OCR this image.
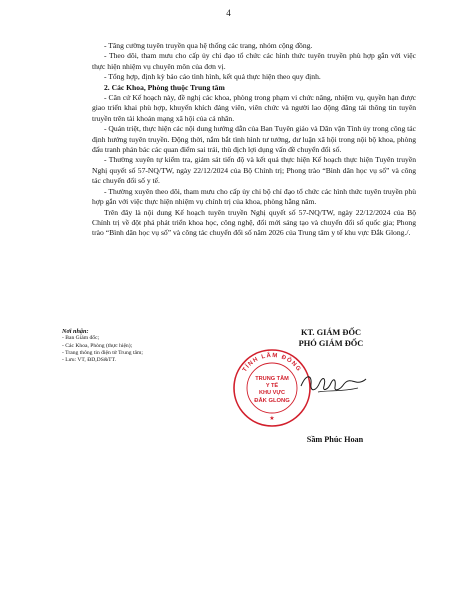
4

- Tăng cường tuyên truyền qua hệ thống các trang, nhóm cộng đồng.

- Theo dõi, tham mưu cho cấp ủy chỉ đạo tổ chức các hình thức tuyên truyền phù hợp gắn với việc thực hiện nhiệm vụ chuyên môn của đơn vị.

- Tổng hợp, định kỳ báo cáo tình hình, kết quả thực hiện theo quy định.

2. Các Khoa, Phòng thuộc Trung tâm

- Căn cứ Kế hoạch này, đề nghị các khoa, phòng trong phạm vi chức năng, nhiệm vụ, quyền hạn được giao triển khai phù hợp, khuyến khích đảng viên, viên chức và người lao động đăng tải thông tin tuyên truyền trên tài khoản mạng xã hội của cá nhân.

- Quán triệt, thực hiện các nội dung hướng dẫn của Ban Tuyên giáo và Dân vận Tỉnh ủy trong công tác định hướng tuyên truyền. Động thời, nắm bắt tình hình tư tưởng, dư luận xã hội trong nội bộ khoa, phòng đấu tranh phản bác các quan điểm sai trái, thù địch lợi dụng vấn đề chuyển đổi số.

- Thường xuyên tự kiểm tra, giám sát tiến độ và kết quả thực hiện Kế hoạch thực hiện Tuyên truyền Nghị quyết số 57-NQ/TW, ngày 22/12/2024 của Bộ Chính trị; Phong trào “Bình dân học vụ số” và công tác chuyển đổi số y tế.

- Thường xuyên theo dõi, tham mưu cho cấp ủy chi bộ chỉ đạo tổ chức các hình thức tuyên truyền phù hợp gắn với việc thực hiện nhiệm vụ chính trị của khoa, phòng hằng năm.

Trên đây là nội dung Kế hoạch tuyên truyền Nghị quyết số 57-NQ/TW, ngày 22/12/2024 của Bộ Chính trị về đột phá phát triển khoa học, công nghệ, đổi mới sáng tạo và chuyển đổi số quốc gia; Phong trào “Bình dân học vụ số” và công tác chuyển đổi số năm 2026 của Trung tâm y tế khu vực Đắk Glong./.

Nơi nhận:
- Ban Giám đốc;
- Các Khoa, Phòng (thực hiện);
- Trang thông tin điện tử Trung tâm;
- Lưu: VT, ĐD,DS&TT.
KT. GIÁM ĐỐC
PHÓ GIÁM ĐỐC
TỈNH LÂM ĐỒNG
TRUNG TÂM
Y TẾ
KHU VỰC
ĐẮK GLONG
★
Sầm Phúc Hoan
